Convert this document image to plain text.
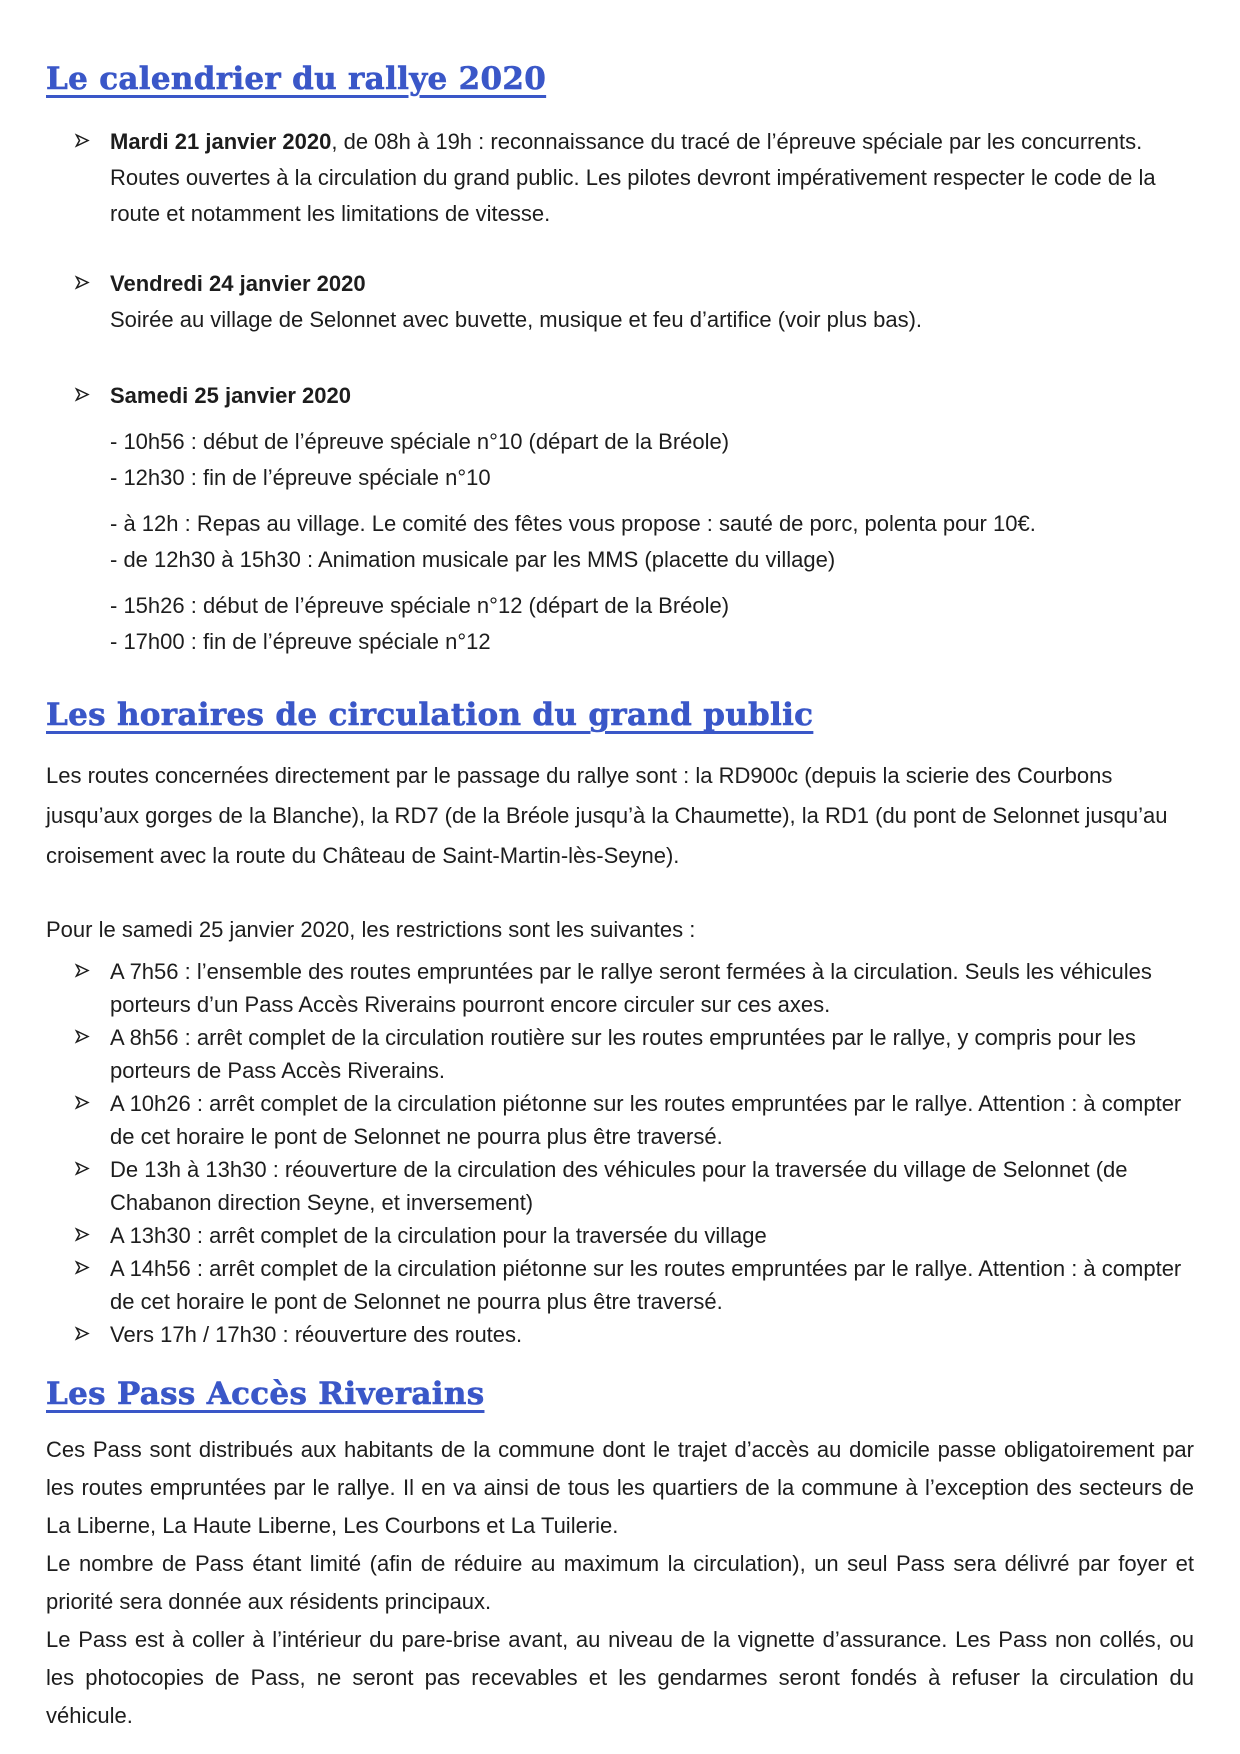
Le calendrier du rallye 2020
Mardi 21 janvier 2020, de 08h à 19h : reconnaissance du tracé de l’épreuve spéciale par les concurrents. Routes ouvertes à la circulation du grand public. Les pilotes devront impérativement respecter le code de la route et notamment les limitations de vitesse.
Vendredi 24 janvier 2020
Soirée au village de Selonnet avec buvette, musique et feu d’artifice (voir plus bas).
Samedi 25 janvier 2020

- 10h56 : début de l’épreuve spéciale n°10 (départ de la Bréole)

- 12h30 : fin de l’épreuve spéciale n°10

- à 12h : Repas au village. Le comité des fêtes vous propose : sauté de porc, polenta pour 10€.

- de 12h30 à 15h30 : Animation musicale par les MMS (placette du village)

- 15h26 : début de l’épreuve spéciale n°12 (départ de la Bréole)

- 17h00 : fin de l’épreuve spéciale n°12

Les horaires de circulation du grand public

Les routes concernées directement par le passage du rallye sont : la RD900c (depuis la scierie des Courbons jusqu’aux gorges de la Blanche), la RD7 (de la Bréole jusqu’à la Chaumette), la RD1 (du pont de Selonnet jusqu’au croisement avec la route du Château de Saint-Martin-lès-Seyne).

Pour le samedi 25 janvier 2020, les restrictions sont les suivantes :

A 7h56 : l’ensemble des routes empruntées par le rallye seront fermées à la circulation. Seuls les véhicules porteurs d’un Pass Accès Riverains pourront encore circuler sur ces axes.

A 8h56 : arrêt complet de la circulation routière sur les routes empruntées par le rallye, y compris pour les porteurs de Pass Accès Riverains.

A 10h26 : arrêt complet de la circulation piétonne sur les routes empruntées par le rallye. Attention : à compter de cet horaire le pont de Selonnet ne pourra plus être traversé.

De 13h à 13h30 : réouverture de la circulation des véhicules pour la traversée du village de Selonnet (de Chabanon direction Seyne, et inversement)

A 13h30 : arrêt complet de la circulation pour la traversée du village

A 14h56 : arrêt complet de la circulation piétonne sur les routes empruntées par le rallye. Attention : à compter de cet horaire le pont de Selonnet ne pourra plus être traversé.

Vers 17h / 17h30 : réouverture des routes.

Les Pass Accès Riverains

Ces Pass sont distribués aux habitants de la commune dont le trajet d’accès au domicile passe obligatoirement par les routes empruntées par le rallye. Il en va ainsi de tous les quartiers de la commune à l’exception des secteurs de La Liberne, La Haute Liberne, Les Courbons et La Tuilerie.

Le nombre de Pass étant limité (afin de réduire au maximum la circulation), un seul Pass sera délivré par foyer et priorité sera donnée aux résidents principaux.

Le Pass est à coller à l’intérieur du pare-brise avant, au niveau de la vignette d’assurance. Les Pass non collés, ou les photocopies de Pass, ne seront pas recevables et les gendarmes seront fondés à refuser la circulation du véhicule.
